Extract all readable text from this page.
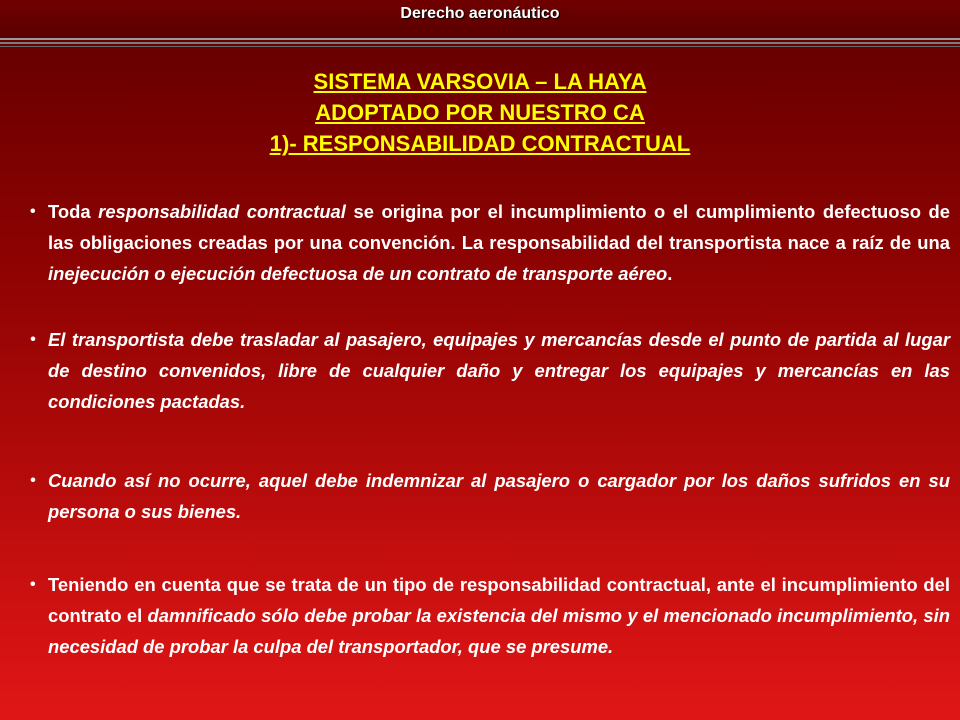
Derecho aeronáutico
SISTEMA VARSOVIA – LA HAYA
ADOPTADO POR NUESTRO CA
1)- RESPONSABILIDAD CONTRACTUAL
• Toda responsabilidad contractual se origina por el incumplimiento o el cumplimiento defectuoso de las obligaciones creadas por una convención. La responsabilidad del transportista nace a raíz de una inejecución o ejecución defectuosa de un contrato de transporte aéreo.
• El transportista debe trasladar al pasajero, equipajes y mercancías desde el punto de partida al lugar de destino convenidos, libre de cualquier daño y entregar los equipajes y mercancías en las condiciones pactadas.
• Cuando así no ocurre, aquel debe indemnizar al pasajero o cargador por los daños sufridos en su persona o sus bienes.
• Teniendo en cuenta que se trata de un tipo de responsabilidad contractual, ante el incumplimiento del contrato el damnificado sólo debe probar la existencia del mismo y el mencionado incumplimiento, sin necesidad de probar la culpa del transportador, que se presume.
